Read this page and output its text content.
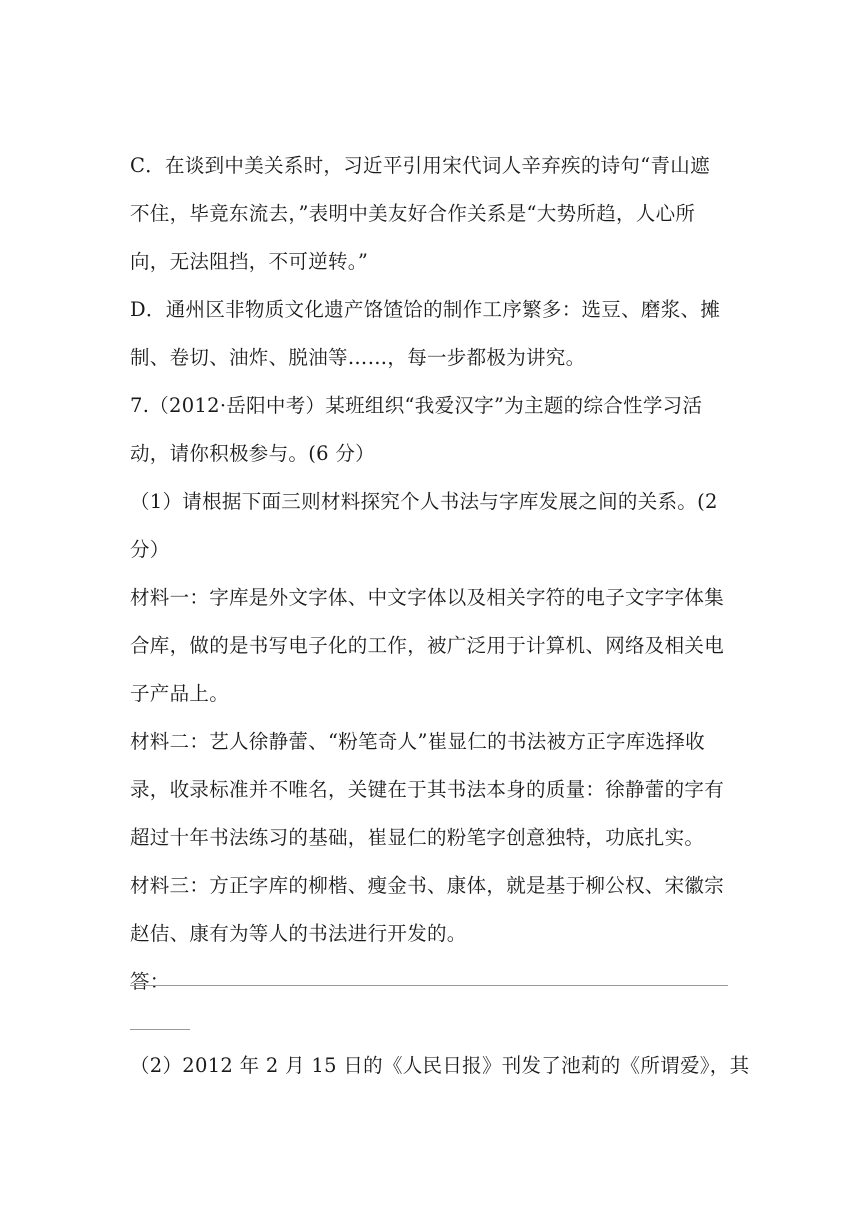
C．在谈到中美关系时，习近平引用宋代词人辛弃疾的诗句“青山遮
不住，毕竟东流去，”表明中美友好合作关系是“大势所趋，人心所
向，无法阻挡，不可逆转。”
D．通州区非物质文化遗产饹馇饸的制作工序繁多：选豆、磨浆、摊
制、卷切、油炸、脱油等……，每一步都极为讲究。
7.（2012·岳阳中考）某班组织“我爱汉字”为主题的综合性学习活
动，请你积极参与。(6 分）
（1）请根据下面三则材料探究个人书法与字库发展之间的关系。(2
分）
材料一：字库是外文字体、中文字体以及相关字符的电子文字字体集
合库，做的是书写电子化的工作，被广泛用于计算机、网络及相关电
子产品上。
材料二：艺人徐静蕾、“粉笔奇人”崔显仁的书法被方正字库选择收
录，收录标准并不唯名，关键在于其书法本身的质量：徐静蕾的字有
超过十年书法练习的基础，崔显仁的粉笔字创意独特，功底扎实。
材料三：方正字库的柳楷、瘦金书、康体，就是基于柳公权、宋徽宗
赵佶、康有为等人的书法进行开发的。
答：
（2）2012 年 2 月 15 日的《人民日报》刊发了池莉的《所谓爱》，其
